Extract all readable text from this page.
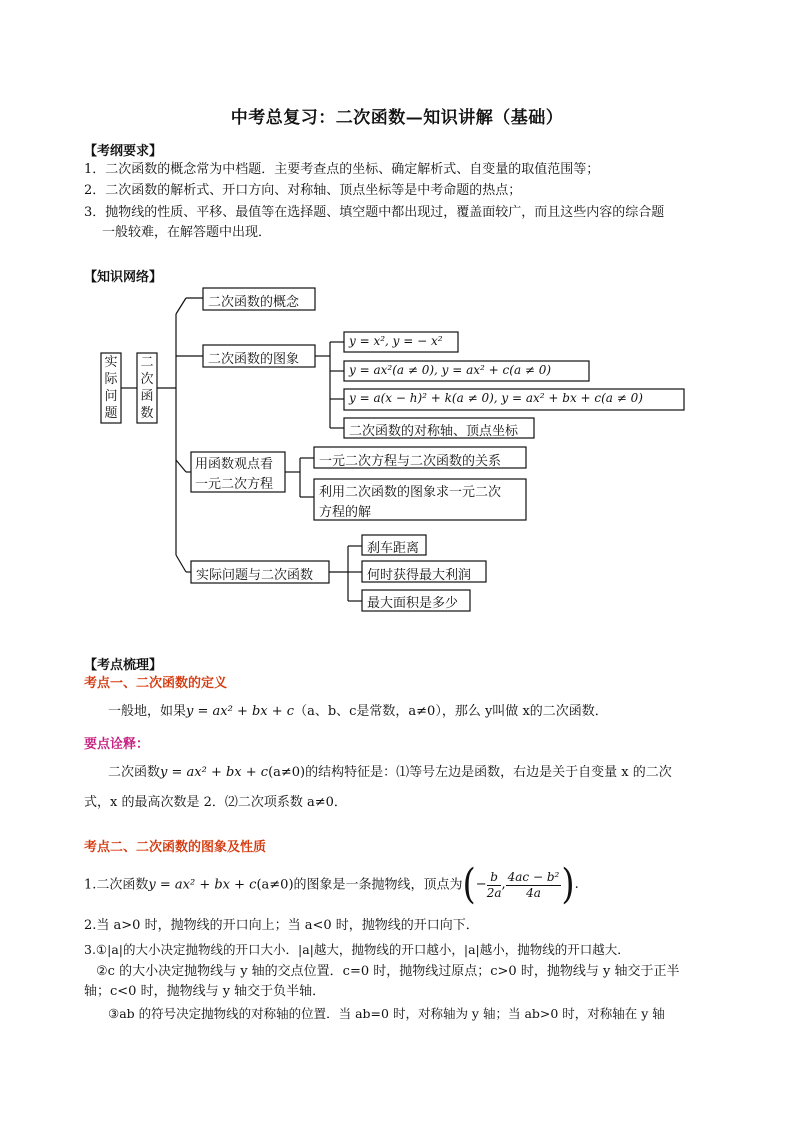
中考总复习：二次函数—知识讲解（基础）
【考纲要求】
1．二次函数的概念常为中档题．主要考查点的坐标、确定解析式、自变量的取值范围等；
2．二次函数的解析式、开口方向、对称轴、顶点坐标等是中考命题的热点；
3．抛物线的性质、平移、最值等在选择题、填空题中都出现过，覆盖面较广，而且这些内容的综合题
一般较难，在解答题中出现．
【知识网络】
实
际
问
题
二
次
函
数
二次函数的概念
二次函数的图象
y = x², y = − x²
y = ax²(a ≠ 0), y = ax² + c(a ≠ 0)
y = a(x − h)² + k(a ≠ 0), y = ax² + bx + c(a ≠ 0)
二次函数的对称轴、顶点坐标
用函数观点看
一元二次方程
一元二次方程与二次函数的关系
利用二次函数的图象求一元二次
方程的解
实际问题与二次函数
刹车距离
何时获得最大利润
最大面积是多少
【考点梳理】
考点一、二次函数的定义
一般地，如果y = ax² + bx + c（a、b、c是常数，a≠0），那么 y叫做 x的二次函数．
要点诠释：
二次函数y = ax² + bx + c(a≠0)的结构特征是：⑴等号左边是函数，右边是关于自变量 x 的二次
式，x 的最高次数是 2．⑵二次项系数 a≠0．
考点二、二次函数的图象及性质
1.二次函数y = ax² + bx + c(a≠0)的图象是一条抛物线，顶点为(− $\frac{b}{2a}$ , $\frac{\text{4ac − b²}}{4a}$ ).
2.当 a>0 时，抛物线的开口向上；当 a<0 时，抛物线的开口向下．
3.①|a|的大小决定抛物线的开口大小．|a|越大，抛物线的开口越小，|a|越小，抛物线的开口越大．
②c 的大小决定抛物线与 y 轴的交点位置．c=0 时，抛物线过原点；c>0 时，抛物线与 y 轴交于正半
轴；c<0 时，抛物线与 y 轴交于负半轴．
③ab 的符号决定抛物线的对称轴的位置．当 ab=0 时，对称轴为 y 轴；当 ab>0 时，对称轴在 y 轴
